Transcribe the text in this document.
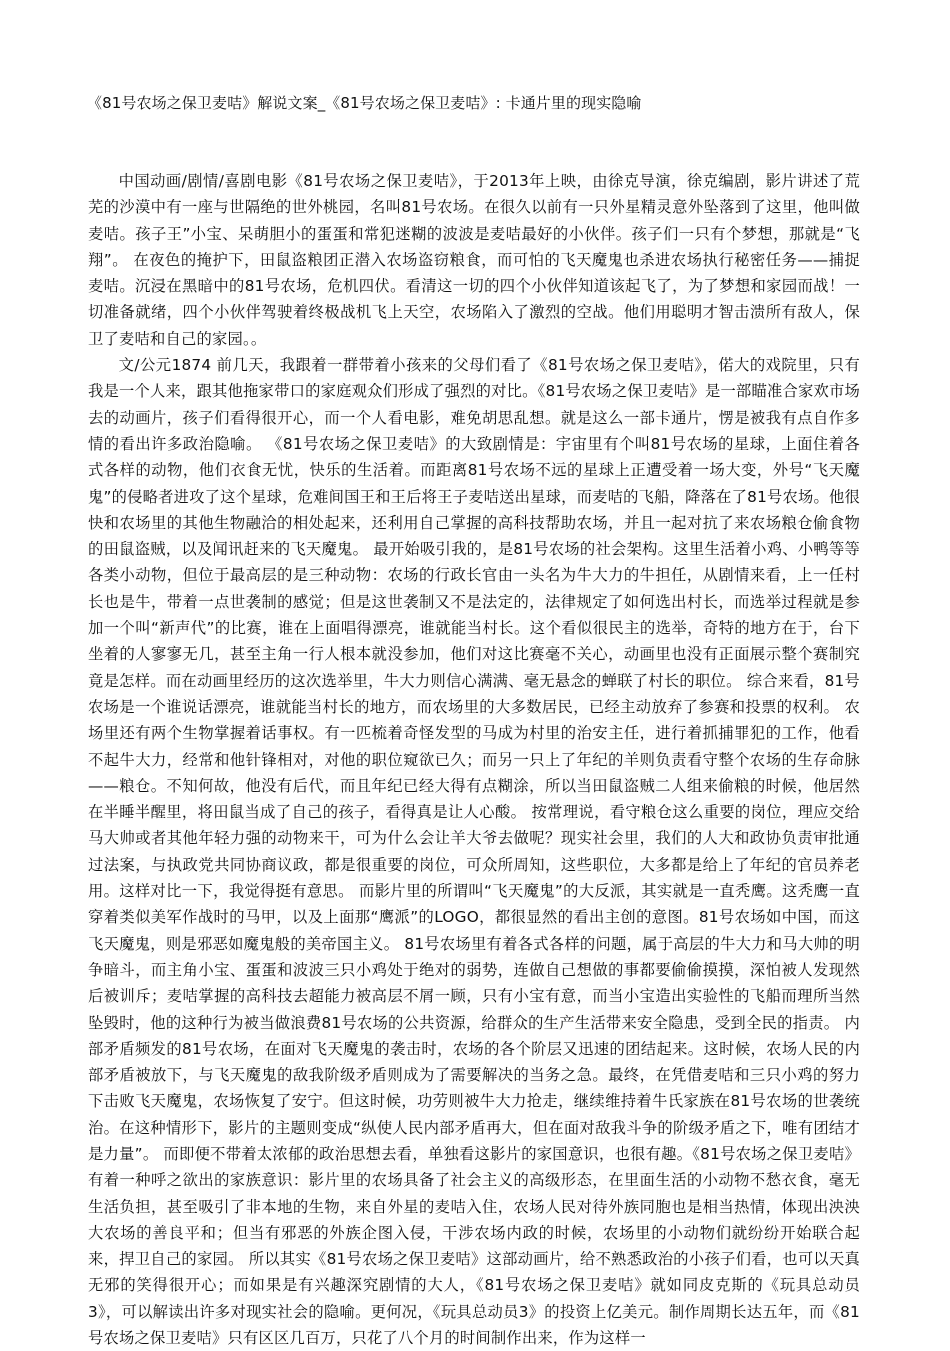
《81号农场之保卫麦咭》解说文案_《81号农场之保卫麦咭》: 卡通片里的现实隐喻

中国动画/剧情/喜剧电影《81号农场之保卫麦咭》，于2013年上映，由徐克导演，徐克编剧，影片讲述了荒芜的沙漠中有一座与世隔绝的世外桃园，名叫81号农场。在很久以前有一只外星精灵意外坠落到了这里，他叫做麦咭。孩子王”小宝、呆萌胆小的蛋蛋和常犯迷糊的波波是麦咭最好的小伙伴。孩子们一只有个梦想，那就是“飞翔”。 在夜色的掩护下，田鼠盗粮团正潜入农场盗窃粮食，而可怕的飞天魔鬼也杀进农场执行秘密任务——捕捉麦咭。沉浸在黑暗中的81号农场，危机四伏。看清这一切的四个小伙伴知道该起飞了，为了梦想和家园而战！一切准备就绪，四个小伙伴驾驶着终极战机飞上天空，农场陷入了激烈的空战。他们用聪明才智击溃所有敌人，保卫了麦咭和自己的家园。。

文/公元1874 前几天，我跟着一群带着小孩来的父母们看了《81号农场之保卫麦咭》，偌大的戏院里，只有我是一个人来，跟其他拖家带口的家庭观众们形成了强烈的对比。《81号农场之保卫麦咭》是一部瞄准合家欢市场去的动画片，孩子们看得很开心，而一个人看电影，难免胡思乱想。就是这么一部卡通片，愣是被我有点自作多情的看出许多政治隐喻。 《81号农场之保卫麦咭》的大致剧情是：宇宙里有个叫81号农场的星球，上面住着各式各样的动物，他们衣食无忧，快乐的生活着。而距离81号农场不远的星球上正遭受着一场大变，外号“飞天魔鬼”的侵略者进攻了这个星球，危难间国王和王后将王子麦咭送出星球，而麦咭的飞船，降落在了81号农场。他很快和农场里的其他生物融洽的相处起来，还利用自己掌握的高科技帮助农场，并且一起对抗了来农场粮仓偷食物的田鼠盗贼，以及闻讯赶来的飞天魔鬼。 最开始吸引我的，是81号农场的社会架构。这里生活着小鸡、小鸭等等各类小动物，但位于最高层的是三种动物：农场的行政长官由一头名为牛大力的牛担任，从剧情来看，上一任村长也是牛，带着一点世袭制的感觉；但是这世袭制又不是法定的，法律规定了如何选出村长，而选举过程就是参加一个叫“新声代”的比赛，谁在上面唱得漂亮，谁就能当村长。这个看似很民主的选举，奇特的地方在于，台下坐着的人寥寥无几，甚至主角一行人根本就没参加，他们对这比赛毫不关心，动画里也没有正面展示整个赛制究竟是怎样。而在动画里经历的这次选举里，牛大力则信心满满、毫无悬念的蝉联了村长的职位。 综合来看，81号农场是一个谁说话漂亮，谁就能当村长的地方，而农场里的大多数居民，已经主动放弃了参赛和投票的权利。 农场里还有两个生物掌握着话事权。有一匹梳着奇怪发型的马成为村里的治安主任，进行着抓捕罪犯的工作，他看不起牛大力，经常和他针锋相对，对他的职位窥欲已久；而另一只上了年纪的羊则负责看守整个农场的生存命脉——粮仓。不知何故，他没有后代，而且年纪已经大得有点糊涂，所以当田鼠盗贼二人组来偷粮的时候，他居然在半睡半醒里，将田鼠当成了自己的孩子，看得真是让人心酸。 按常理说，看守粮仓这么重要的岗位，理应交给马大帅或者其他年轻力强的动物来干，可为什么会让羊大爷去做呢？现实社会里，我们的人大和政协负责审批通过法案，与执政党共同协商议政，都是很重要的岗位，可众所周知，这些职位，大多都是给上了年纪的官员养老用。这样对比一下，我觉得挺有意思。 而影片里的所谓叫“飞天魔鬼”的大反派，其实就是一直秃鹰。这秃鹰一直穿着类似美军作战时的马甲，以及上面那“鹰派”的LOGO，都很显然的看出主创的意图。81号农场如中国，而这飞天魔鬼，则是邪恶如魔鬼般的美帝国主义。 81号农场里有着各式各样的问题，属于高层的牛大力和马大帅的明争暗斗，而主角小宝、蛋蛋和波波三只小鸡处于绝对的弱势，连做自己想做的事都要偷偷摸摸，深怕被人发现然后被训斥；麦咭掌握的高科技去超能力被高层不屑一顾，只有小宝有意，而当小宝造出实验性的飞船而理所当然坠毁时，他的这种行为被当做浪费81号农场的公共资源，给群众的生产生活带来安全隐患，受到全民的指责。 内部矛盾频发的81号农场，在面对飞天魔鬼的袭击时，农场的各个阶层又迅速的团结起来。这时候，农场人民的内部矛盾被放下，与飞天魔鬼的敌我阶级矛盾则成为了需要解决的当务之急。最终，在凭借麦咭和三只小鸡的努力下击败飞天魔鬼，农场恢复了安宁。但这时候，功劳则被牛大力抢走，继续维持着牛氏家族在81号农场的世袭统治。在这种情形下，影片的主题则变成“纵使人民内部矛盾再大，但在面对敌我斗争的阶级矛盾之下，唯有团结才是力量”。 而即便不带着太浓郁的政治思想去看，单独看这影片的家国意识，也很有趣。《81号农场之保卫麦咭》有着一种呼之欲出的家族意识：影片里的农场具备了社会主义的高级形态，在里面生活的小动物不愁衣食，毫无生活负担，甚至吸引了非本地的生物，来自外星的麦咭入住，农场人民对待外族同胞也是相当热情，体现出泱泱大农场的善良平和；但当有邪恶的外族企图入侵，干涉农场内政的时候，农场里的小动物们就纷纷开始联合起来，捍卫自己的家园。 所以其实《81号农场之保卫麦咭》这部动画片，给不熟悉政治的小孩子们看，也可以天真无邪的笑得很开心；而如果是有兴趣深究剧情的大人，《81号农场之保卫麦咭》就如同皮克斯的《玩具总动员3》，可以解读出许多对现实社会的隐喻。更何况，《玩具总动员3》的投资上亿美元。制作周期长达五年，而《81号农场之保卫麦咭》只有区区几百万，只花了八个月的时间制作出来，作为这样一
